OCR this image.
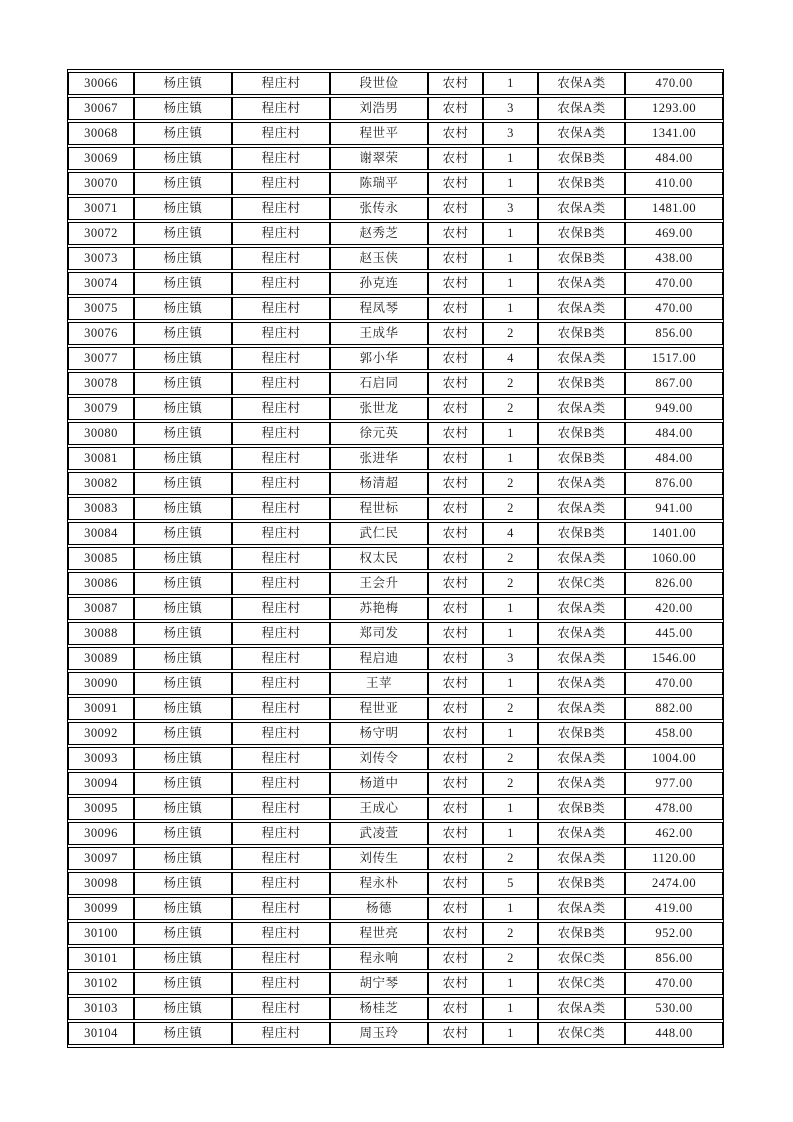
30066	杨庄镇	程庄村	段世俭	农村	1	农保A类	470.00
30067	杨庄镇	程庄村	刘浩男	农村	3	农保A类	1293.00
30068	杨庄镇	程庄村	程世平	农村	3	农保A类	1341.00
30069	杨庄镇	程庄村	谢翠荣	农村	1	农保B类	484.00
30070	杨庄镇	程庄村	陈瑞平	农村	1	农保B类	410.00
30071	杨庄镇	程庄村	张传永	农村	3	农保A类	1481.00
30072	杨庄镇	程庄村	赵秀芝	农村	1	农保B类	469.00
30073	杨庄镇	程庄村	赵玉侠	农村	1	农保B类	438.00
30074	杨庄镇	程庄村	孙克连	农村	1	农保A类	470.00
30075	杨庄镇	程庄村	程凤琴	农村	1	农保A类	470.00
30076	杨庄镇	程庄村	王成华	农村	2	农保B类	856.00
30077	杨庄镇	程庄村	郭小华	农村	4	农保A类	1517.00
30078	杨庄镇	程庄村	石启同	农村	2	农保B类	867.00
30079	杨庄镇	程庄村	张世龙	农村	2	农保A类	949.00
30080	杨庄镇	程庄村	徐元英	农村	1	农保B类	484.00
30081	杨庄镇	程庄村	张进华	农村	1	农保B类	484.00
30082	杨庄镇	程庄村	杨清超	农村	2	农保A类	876.00
30083	杨庄镇	程庄村	程世标	农村	2	农保A类	941.00
30084	杨庄镇	程庄村	武仁民	农村	4	农保B类	1401.00
30085	杨庄镇	程庄村	权太民	农村	2	农保A类	1060.00
30086	杨庄镇	程庄村	王会升	农村	2	农保C类	826.00
30087	杨庄镇	程庄村	苏艳梅	农村	1	农保A类	420.00
30088	杨庄镇	程庄村	郑司发	农村	1	农保A类	445.00
30089	杨庄镇	程庄村	程启迪	农村	3	农保A类	1546.00
30090	杨庄镇	程庄村	王苹	农村	1	农保A类	470.00
30091	杨庄镇	程庄村	程世亚	农村	2	农保A类	882.00
30092	杨庄镇	程庄村	杨守明	农村	1	农保B类	458.00
30093	杨庄镇	程庄村	刘传令	农村	2	农保A类	1004.00
30094	杨庄镇	程庄村	杨道中	农村	2	农保A类	977.00
30095	杨庄镇	程庄村	王成心	农村	1	农保B类	478.00
30096	杨庄镇	程庄村	武凌萱	农村	1	农保A类	462.00
30097	杨庄镇	程庄村	刘传生	农村	2	农保A类	1120.00
30098	杨庄镇	程庄村	程永朴	农村	5	农保B类	2474.00
30099	杨庄镇	程庄村	杨德	农村	1	农保A类	419.00
30100	杨庄镇	程庄村	程世亮	农村	2	农保B类	952.00
30101	杨庄镇	程庄村	程永响	农村	2	农保C类	856.00
30102	杨庄镇	程庄村	胡宁琴	农村	1	农保C类	470.00
30103	杨庄镇	程庄村	杨桂芝	农村	1	农保A类	530.00
30104	杨庄镇	程庄村	周玉玲	农村	1	农保C类	448.00
